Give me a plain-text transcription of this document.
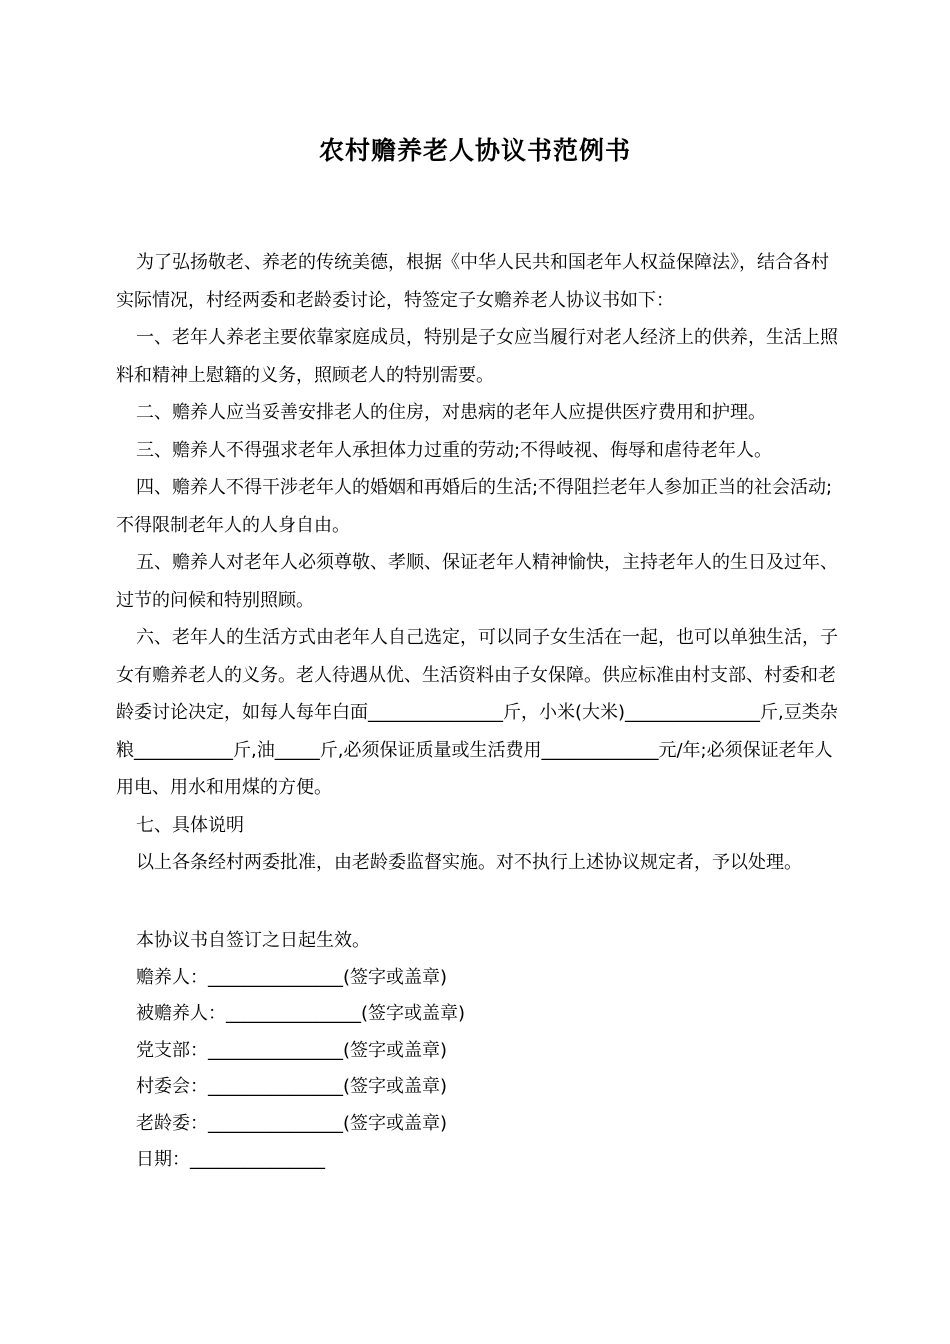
农村赡养老人协议书范例书

为了弘扬敬老、养老的传统美德，根据《中华人民共和国老年人权益保障法》，结合各村实际情况，村经两委和老龄委讨论，特签定子女赡养老人协议书如下：

一、老年人养老主要依靠家庭成员，特别是子女应当履行对老人经济上的供养，生活上照料和精神上慰籍的义务，照顾老人的特别需要。

二、赡养人应当妥善安排老人的住房，对患病的老年人应提供医疗费用和护理。

三、赡养人不得强求老年人承担体力过重的劳动;不得岐视、侮辱和虐待老年人。

四、赡养人不得干涉老年人的婚姻和再婚后的生活;不得阻拦老年人参加正当的社会活动;不得限制老年人的人身自由。

五、赡养人对老年人必须尊敬、孝顺、保证老年人精神愉快，主持老年人的生日及过年、过节的问候和特别照顾。

六、老年人的生活方式由老年人自己选定，可以同子女生活在一起，也可以单独生活，子女有赡养老人的义务。老人待遇从优、生活资料由子女保障。供应标准由村支部、村委和老龄委讨论决定，如每人每年白面_______________斤，小米(大米)_______________斤,豆类杂粮___________斤,油_____斤,必须保证质量或生活费用_____________元/年;必须保证老年人用电、用水和用煤的方便。

七、具体说明

以上各条经村两委批准，由老龄委监督实施。对不执行上述协议规定者，予以处理。

本协议书自签订之日起生效。

赡养人：_______________(签字或盖章)

被赡养人：_______________(签字或盖章)

党支部：_______________(签字或盖章)

村委会：_______________(签字或盖章)

老龄委：_______________(签字或盖章)

日期：_______________
